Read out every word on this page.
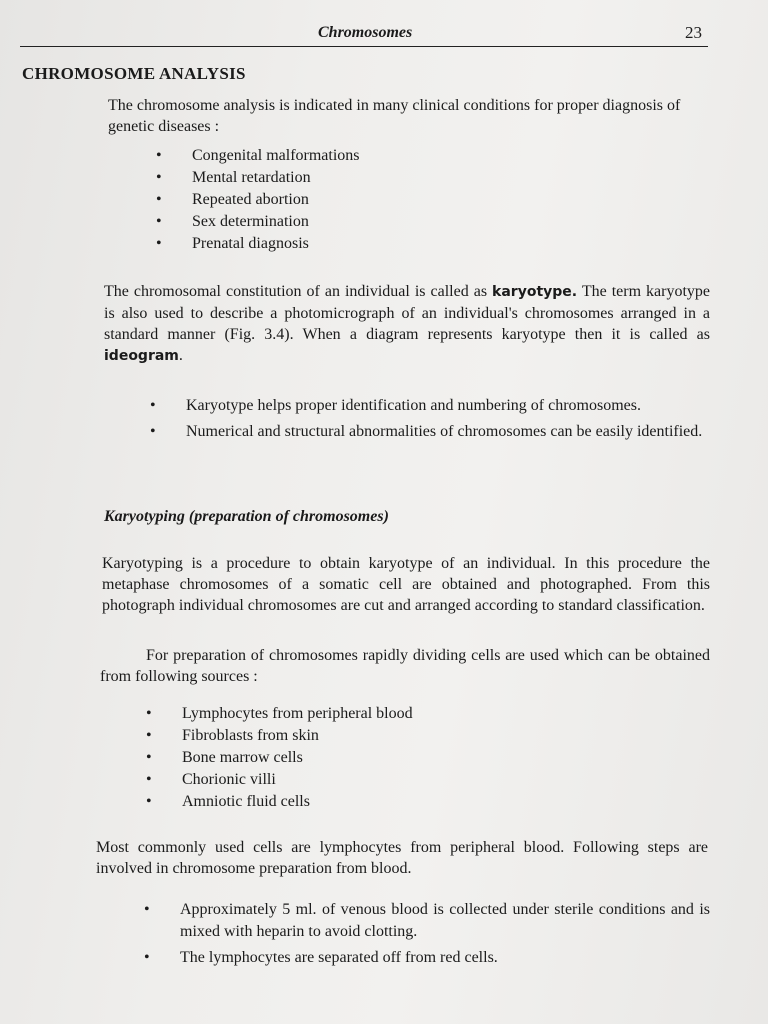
Chromosomes	23
CHROMOSOME ANALYSIS

The chromosome analysis is indicated in many clinical conditions for proper diagnosis of genetic diseases :

• Congenital malformations
• Mental retardation
• Repeated abortion
• Sex determination
• Prenatal diagnosis

The chromosomal constitution of an individual is called as karyotype. The term karyotype is also used to describe a photomicrograph of an individual's chromosomes arranged in a standard manner (Fig. 3.4). When a diagram represents karyotype then it is called as ideogram.

• Karyotype helps proper identification and numbering of chromosomes.
• Numerical and structural abnormalities of chromosomes can be easily identified.
Karyotyping (preparation of chromosomes)

Karyotyping is a procedure to obtain karyotype of an individual. In this procedure the metaphase chromosomes of a somatic cell are obtained and photographed. From this photograph individual chromosomes are cut and arranged according to standard classification.

For preparation of chromosomes rapidly dividing cells are used which can be obtained from following sources :

• Lymphocytes from peripheral blood
• Fibroblasts from skin
• Bone marrow cells
• Chorionic villi
• Amniotic fluid cells

Most commonly used cells are lymphocytes from peripheral blood. Following steps are involved in chromosome preparation from blood.

• Approximately 5 ml. of venous blood is collected under sterile conditions and is mixed with heparin to avoid clotting.
• The lymphocytes are separated off from red cells.
